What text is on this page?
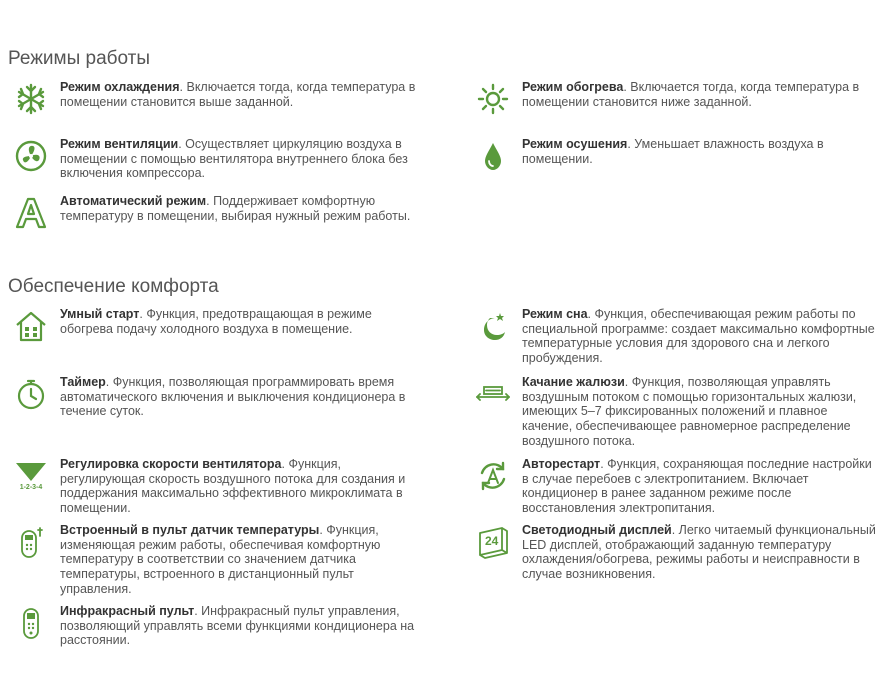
Режимы работы

Режим охлаждения. Включается тогда, когда температура в помещении становится выше заданной.

Режим обогрева. Включается тогда, когда температура в помещении становится ниже заданной.

Режим вентиляции. Осуществляет циркуляцию воздуха в помещении с помощью вентилятора внутреннего блока без включения компрессора.

Режим осушения. Уменьшает влажность воздуха в помещении.

Автоматический режим. Поддерживает комфортную температуру в помещении, выбирая нужный режим работы.

Обеспечение комфорта

Умный старт. Функция, предотвращающая в режиме обогрева подачу холодного воздуха в помещение.

Режим сна. Функция, обеспечивающая режим работы по специальной программе: создает максимально комфортные температурные условия для здорового сна и легкого пробуждения.

Таймер. Функция, позволяющая программировать время автоматического включения и выключения кондиционера в течение суток.

Качание жалюзи. Функция, позволяющая управлять воздушным потоком с помощью горизонтальных жалюзи, имеющих 5–7 фиксированных положений и плавное качение, обеспечивающее равномерное распределение воздушного потока.

1-2-3-4

Регулировка скорости вентилятора. Функция, регулирующая скорость воздушного потока для создания и поддержания максимально эффективного микроклимата в помещении.

Авторестарт. Функция, сохраняющая последние настройки в случае перебоев с электропитанием. Включает кондиционер в ранее заданном режиме после восстановления электропитания.

Встроенный в пульт датчик температуры. Функция, изменяющая режим работы, обеспечивая комфортную температуру в соответствии со значением датчика температуры, встроенного в дистанционный пульт управления.

24

Светодиодный дисплей. Легко читаемый функциональный LED дисплей, отображающий заданную температуру охлаждения/обогрева, режимы работы и неисправности в случае возникновения.

Инфракрасный пульт. Инфракрасный пульт управления, позволяющий управлять всеми функциями кондиционера на расстоянии.
